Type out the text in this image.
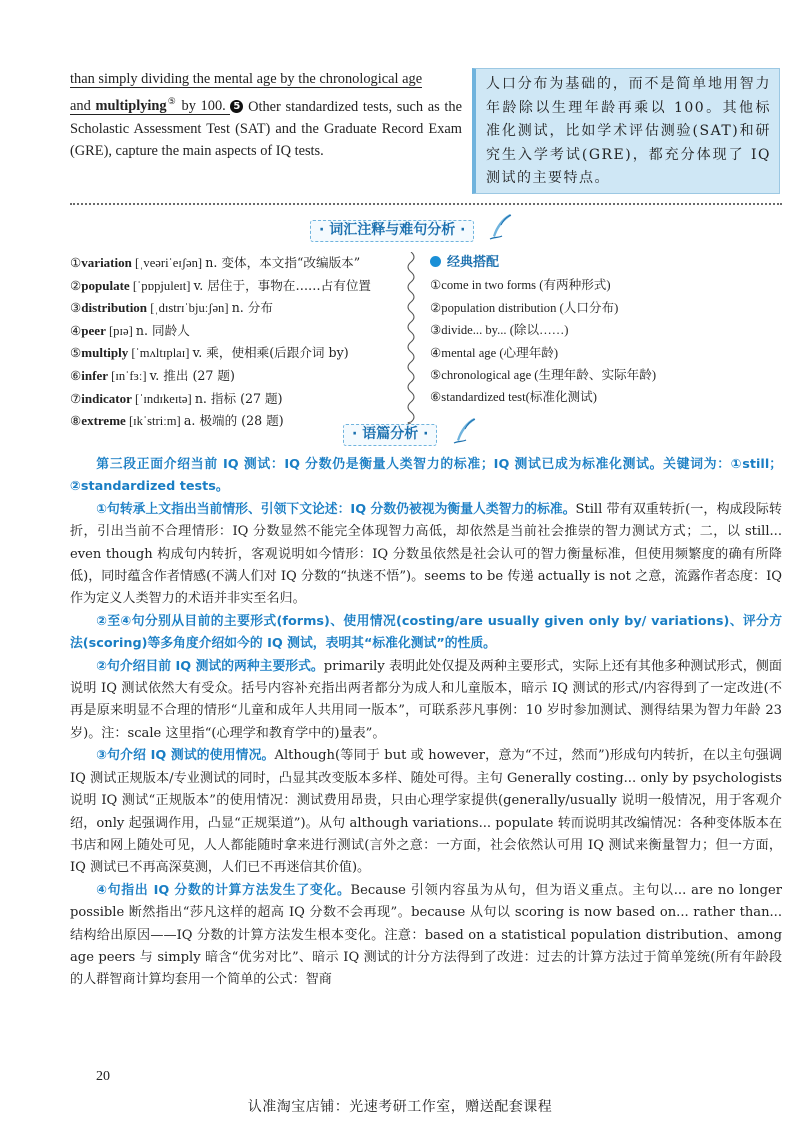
than simply dividing the mental age by the chronological age
and multiplying⑤ by 100. 5 Other standardized tests, such as the Scholastic Assessment Test (SAT) and the Graduate Record Exam (GRE), capture the main aspects of IQ tests.
人口分布为基础的，而不是简单地用智力年龄除以生理年龄再乘以 100。其他标准化测试，比如学术评估测验(SAT)和研究生入学考试(GRE)，都充分体现了 IQ 测试的主要特点。
· 词汇注释与难句分析 ·
①variation [ˌveəriˈeɪʃən] n. 变体，本文指“改编版本”
②populate [ˈpɒpjuleɪt] v. 居住于，事物在……占有位置
③distribution [ˌdɪstrɪˈbjuːʃən] n. 分布
④peer [pɪə] n. 同龄人
⑤multiply [ˈmʌltɪplaɪ] v. 乘，使相乘(后跟介词 by)
⑥infer [ɪnˈfɜː] v. 推出 (27 题)
⑦indicator [ˈɪndɪkeɪtə] n. 指标 (27 题)
⑧extreme [ɪkˈstriːm] a. 极端的 (28 题)
经典搭配
①come in two forms (有两种形式)
②population distribution (人口分布)
③divide... by... (除以……)
④mental age (心理年龄)
⑤chronological age (生理年龄、实际年龄)
⑥standardized test(标准化测试)
· 语篇分析 ·

第三段正面介绍当前 IQ 测试：IQ 分数仍是衡量人类智力的标准；IQ 测试已成为标准化测试。关键词为：①still；②standardized tests。

①句转承上文指出当前情形、引领下文论述：IQ 分数仍被视为衡量人类智力的标准。Still 带有双重转折(一，构成段际转折，引出当前不合理情形：IQ 分数显然不能完全体现智力高低，却依然是当前社会推崇的智力测试方式；二，以 still... even though 构成句内转折，客观说明如今情形：IQ 分数虽依然是社会认可的智力衡量标准，但使用频繁度的确有所降低)，同时蕴含作者情感(不满人们对 IQ 分数的“执迷不悟”)。seems to be 传递 actually is not 之意，流露作者态度：IQ 作为定义人类智力的术语并非实至名归。

②至④句分别从目前的主要形式(forms)、使用情况(costing/are usually given only by/ variations)、评分方法(scoring)等多角度介绍如今的 IQ 测试，表明其“标准化测试”的性质。

②句介绍目前 IQ 测试的两种主要形式。primarily 表明此处仅提及两种主要形式，实际上还有其他多种测试形式，侧面说明 IQ 测试依然大有受众。括号内容补充指出两者都分为成人和儿童版本，暗示 IQ 测试的形式/内容得到了一定改进(不再是原来明显不合理的情形“儿童和成年人共用同一版本”，可联系莎凡事例：10 岁时参加测试、测得结果为智力年龄 23 岁)。注：scale 这里指“(心理学和教育学中的)量表”。

③句介绍 IQ 测试的使用情况。Although(等同于 but 或 however，意为“不过，然而”)形成句内转折，在以主句强调 IQ 测试正规版本/专业测试的同时，凸显其改变版本多样、随处可得。主句 Generally costing... only by psychologists 说明 IQ 测试“正规版本”的使用情况：测试费用昂贵，只由心理学家提供(generally/usually 说明一般情况，用于客观介绍，only 起强调作用，凸显“正规渠道”)。从句 although variations... populate 转而说明其改编情况：各种变体版本在书店和网上随处可见，人人都能随时拿来进行测试(言外之意：一方面，社会依然认可用 IQ 测试来衡量智力；但一方面，IQ 测试已不再高深莫测，人们已不再迷信其价值)。

④句指出 IQ 分数的计算方法发生了变化。Because 引领内容虽为从句，但为语义重点。主句以... are no longer possible 断然指出“莎凡这样的超高 IQ 分数不会再现”。because 从句以 scoring is now based on... rather than... 结构给出原因——IQ 分数的计算方法发生根本变化。注意：based on a statistical population distribution、among age peers 与 simply 暗含“优劣对比”、暗示 IQ 测试的计分方法得到了改进：过去的计算方法过于简单笼统(所有年龄段的人群智商计算均套用一个简单的公式：智商

20
认准淘宝店铺：光速考研工作室，赠送配套课程
